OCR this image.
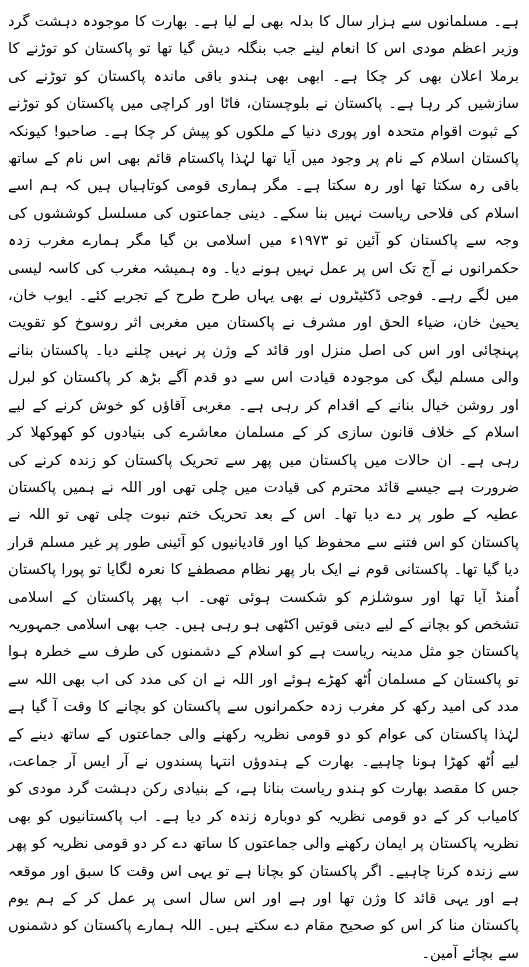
ہے۔ مسلمانوں سے ہزار سال کا بدلہ بھی لے لیا ہے۔ بھارت کا موجودہ دہشت گرد وزیر اعظم مودی اس کا انعام لینے جب بنگلہ دیش گیا تھا تو پاکستان کو توڑنے کا برملا اعلان بھی کر چکا ہے۔ ابھی بھی ہندو باقی ماندہ پاکستان کو توڑنے کی سازشیں کر رہا ہے۔ پاکستان نے بلوچستان، فاٹا اور کراچی میں پاکستان کو توڑنے کے ثبوت اقوام متحدہ اور پوری دنیا کے ملکوں کو پیش کر چکا ہے۔ صاحبو! کیونکہ پاکستان اسلام کے نام پر وجود میں آیا تھا لہٰذا پاکستام قائم بھی اس نام کے ساتھ باقی رہ سکتا تھا اور رہ سکتا ہے۔ مگر ہماری قومی کوتاہیاں ہیں کہ ہم اسے اسلام کی فلاحی ریاست نہیں بنا سکے۔ دینی جماعتوں کی مسلسل کوششوں کی وجہ سے پاکستان کو آئین تو ۱۹۷۳ء میں اسلامی بن گیا مگر ہمارے مغرب زدہ حکمرانوں نے آج تک اس پر عمل نہیں ہونے دیا۔ وہ ہمیشہ مغرب کی کاسہ لیسی میں لگے رہے۔ فوجی ڈکٹیٹروں نے بھی یہاں طرح طرح کے تجربے کئے۔ ایوب خان، یحییٰ خان، ضیاء الحق اور مشرف نے پاکستان میں مغربی اثر روسوخ کو تقویت پہنچائی اور اس کی اصل منزل اور قائد کے وژن پر نہیں چلنے دیا۔ پاکستان بنانے والی مسلم لیگ کی موجودہ قیادت اس سے دو قدم آگے بڑھ کر پاکستان کو لبرل اور روشن خیال بنانے کے اقدام کر رہی ہے۔ مغربی آقاؤں کو خوش کرنے کے لیے اسلام کے خلاف قانون سازی کر کے مسلمان معاشرے کی بنیادوں کو کھوکھلا کر رہی ہے۔ ان حالات میں پاکستان میں پھر سے تحریک پاکستان کو زندہ کرنے کی ضرورت ہے جیسے قائد محترم کی قیادت میں چلی تھی اور اللہ نے ہمیں پاکستان عطیہ کے طور پر دے دیا تھا۔ اس کے بعد تحریک ختم نبوت چلی تھی تو اللہ نے پاکستان کو اس فتنے سے محفوظ کیا اور قادیانیوں کو آئینی طور پر غیر مسلم قرار دیا گیا تھا۔ پاکستانی قوم نے ایک بار پھر نظام مصطفےٰ کا نعرہ لگایا تو پورا پاکستان اُمنڈ آیا تھا اور سوشلزم کو شکست ہوئی تھی۔ اب پھر پاکستان کے اسلامی تشخص کو بچانے کے لیے دینی قوتیں اکٹھی ہو رہی ہیں۔ جب بھی اسلامی جمہوریہ پاکستان جو مثل مدینہ ریاست ہے کو اسلام کے دشمنوں کی طرف سے خطرہ ہوا تو پاکستان کے مسلمان اُٹھ کھڑے ہوئے اور اللہ نے ان کی مدد کی اب بھی اللہ سے مدد کی امید رکھ کر مغرب زدہ حکمرانوں سے پاکستان کو بچانے کا وقت آ گیا ہے لہٰذا پاکستان کی عوام کو دو قومی نظریہ رکھنے والی جماعتوں کے ساتھ دینے کے لیے اُٹھ کھڑا ہونا چاہیے۔ بھارت کے ہندوؤں انتہا پسندوں نے آر ایس آر جماعت، جس کا مقصد بھارت کو ہندو ریاست بنانا ہے، کے بنیادی رکن دہشت گرد مودی کو کامیاب کر کے دو قومی نظریہ کو دوبارہ زندہ کر دیا ہے۔ اب پاکستانیوں کو بھی نظریہ پاکستان پر ایمان رکھنے والی جماعتوں کا ساتھ دے کر دو قومی نظریہ کو پھر سے زندہ کرنا چاہیے۔ اگر پاکستان کو بچانا ہے تو یہی اس وقت کا سبق اور موقعہ ہے اور یہی قائد کا وژن تھا اور ہے اور اس سال اسی پر عمل کر کے ہم یوم پاکستان منا کر اس کو صحیح مقام دے سکتے ہیں۔ اللہ ہمارے پاکستان کو دشمنوں سے بچائے آمین۔
